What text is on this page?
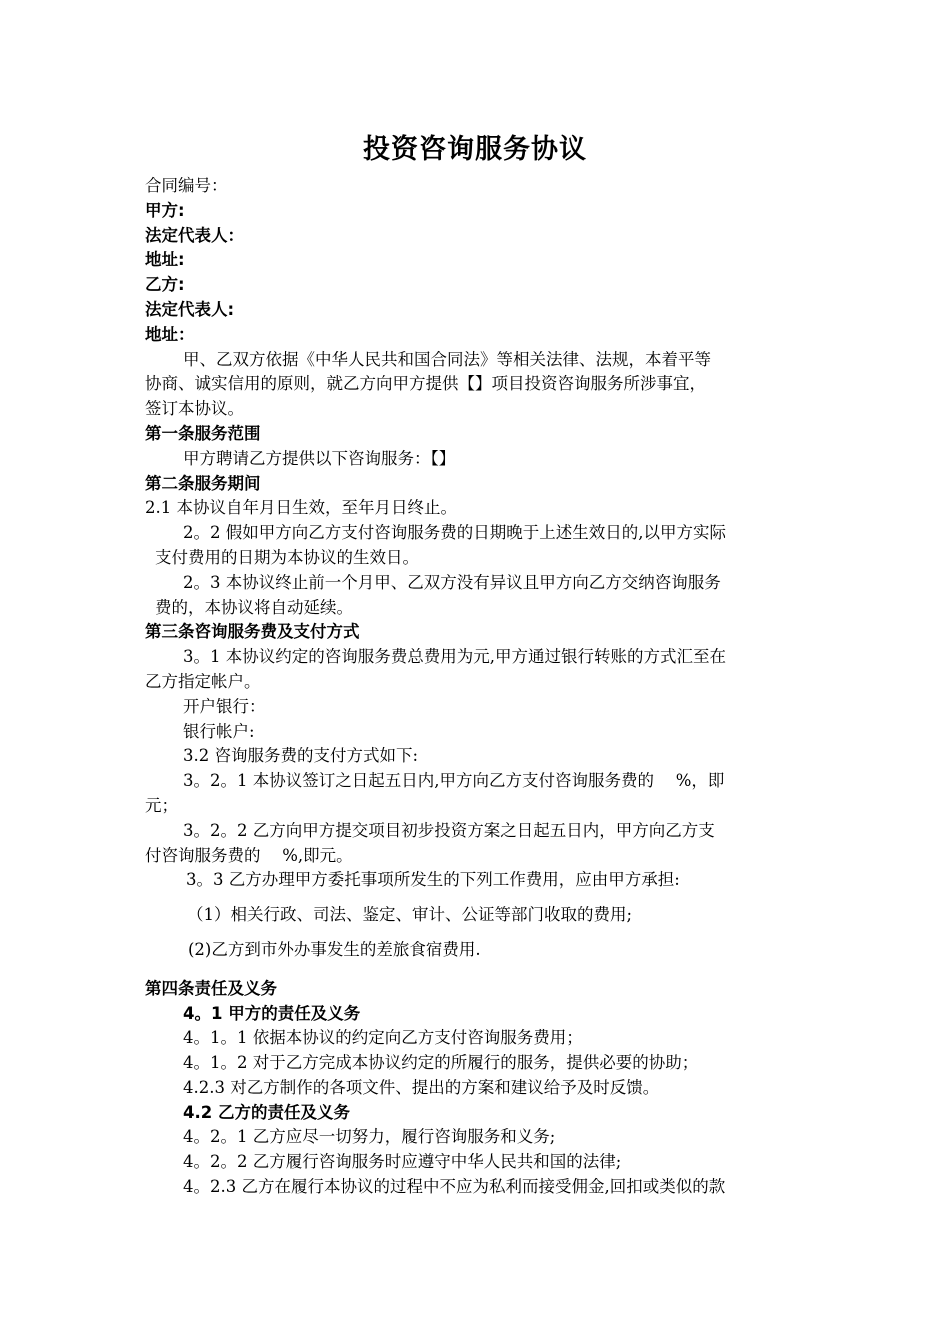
投资咨询服务协议
合同编号：
甲方:
法定代表人：
地址:
乙方:
法定代表人:
地址：
甲、乙双方依据《中华人民共和国合同法》等相关法律、法规，本着平等
协商、诚实信用的原则，就乙方向甲方提供【】项目投资咨询服务所涉事宜，
签订本协议。
第一条服务范围
甲方聘请乙方提供以下咨询服务：【】
第二条服务期间
2.1 本协议自年月日生效，至年月日终止。
2。2 假如甲方向乙方支付咨询服务费的日期晚于上述生效日的,以甲方实际
支付费用的日期为本协议的生效日。
2。3 本协议终止前一个月甲、乙双方没有异议且甲方向乙方交纳咨询服务
费的，本协议将自动延续。
第三条咨询服务费及支付方式
3。1 本协议约定的咨询服务费总费用为元,甲方通过银行转账的方式汇至在
乙方指定帐户。
开户银行：
银行帐户:
3.2 咨询服务费的支付方式如下:
3。2。1 本协议签订之日起五日内,甲方向乙方支付咨询服务费的 　%，即
元；
3。2。2 乙方向甲方提交项目初步投资方案之日起五日内，甲方向乙方支
付咨询服务费的 　%,即元。
3。3 乙方办理甲方委托事项所发生的下列工作费用，应由甲方承担:
（1）相关行政、司法、鉴定、审计、公证等部门收取的费用;
(2)乙方到市外办事发生的差旅食宿费用.
第四条责任及义务
4。1 甲方的责任及义务
4。1。1 依据本协议的约定向乙方支付咨询服务费用；
4。1。2 对于乙方完成本协议约定的所履行的服务，提供必要的协助；
4.2.3 对乙方制作的各项文件、提出的方案和建议给予及时反馈。
4.2 乙方的责任及义务
4。2。1 乙方应尽一切努力，履行咨询服务和义务;
4。2。2 乙方履行咨询服务时应遵守中华人民共和国的法律;
4。2.3 乙方在履行本协议的过程中不应为私利而接受佣金,回扣或类似的款
